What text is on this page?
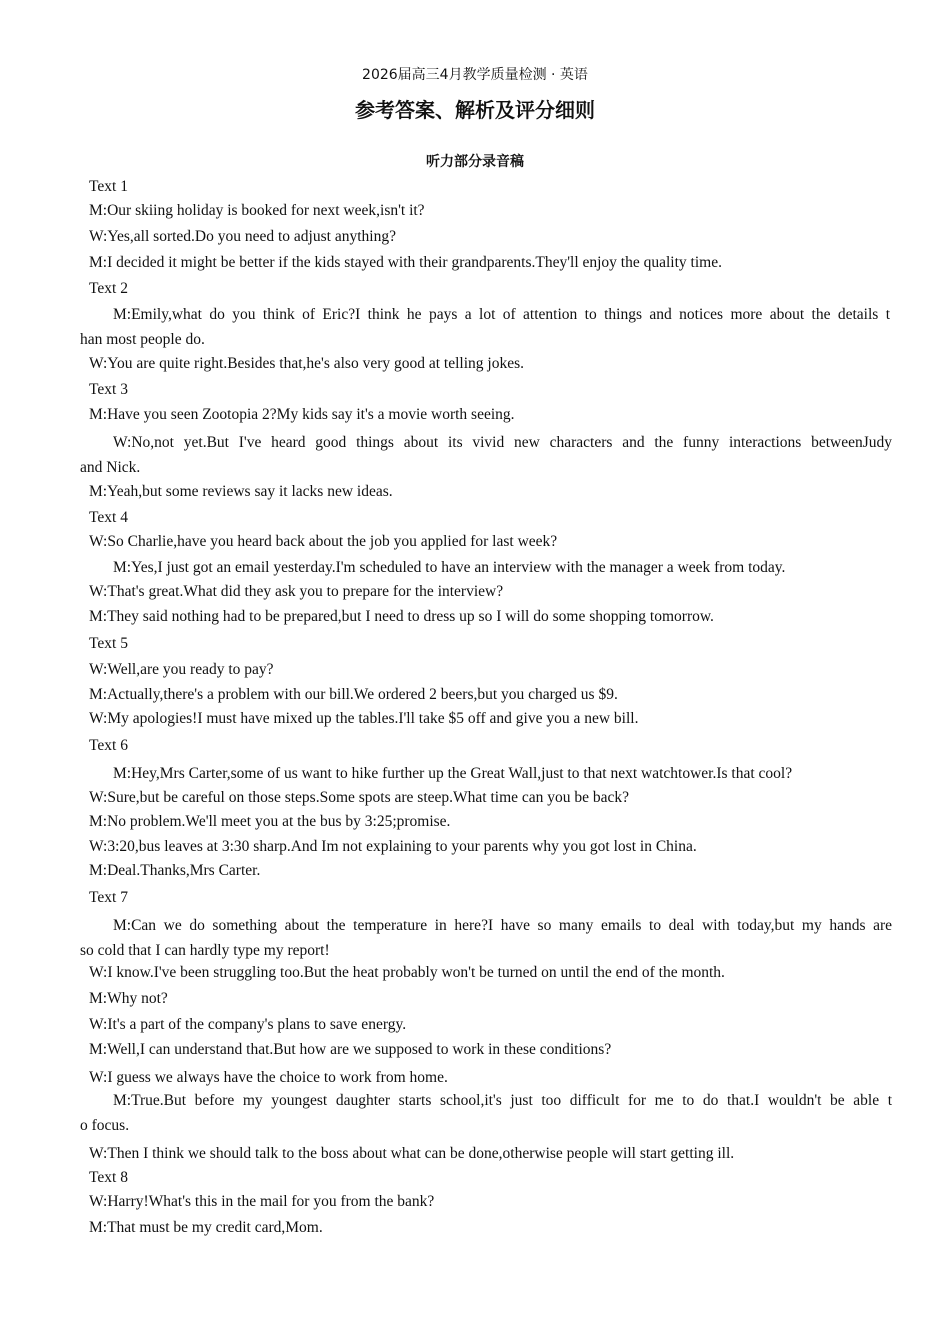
2026届高三4月教学质量检测 · 英语
参考答案、解析及评分细则
听力部分录音稿
Text 1
M:Our skiing holiday is booked for next week,isn't it?
W:Yes,all sorted.Do you need to adjust anything?
M:I decided it might be better if the kids stayed with their grandparents.They'll enjoy the quality time.
Text 2
M:Emily,what do you think of Eric?I think he pays a lot of attention to things and notices more about the details t
han most people do.
W:You are quite right.Besides that,he's also very good at telling jokes.
Text 3
M:Have you seen Zootopia 2?My kids say it's a movie worth seeing.
W:No,not yet.But I've heard good things about its vivid new characters and the funny interactions betweenJudy
and Nick.
M:Yeah,but some reviews say it lacks new ideas.
Text 4
W:So Charlie,have you heard back about the job you applied for last week?
M:Yes,I just got an email yesterday.I'm scheduled to have an interview with the manager a week from today.
W:That's great.What did they ask you to prepare for the interview?
M:They said nothing had to be prepared,but I need to dress up so I will do some shopping tomorrow.
Text 5
W:Well,are you ready to pay?
M:Actually,there's a problem with our bill.We ordered 2 beers,but you charged us $9.
W:My apologies!I must have mixed up the tables.I'll take $5 off and give you a new bill.
Text 6
M:Hey,Mrs Carter,some of us want to hike further up the Great Wall,just to that next watchtower.Is that cool?
W:Sure,but be careful on those steps.Some spots are steep.What time can you be back?
M:No problem.We'll meet you at the bus by 3:25;promise.
W:3:20,bus leaves at 3:30 sharp.And Im not explaining to your parents why you got lost in China.
M:Deal.Thanks,Mrs Carter.
Text 7
M:Can we do something about the temperature in here?I have so many emails to deal with today,but my hands are
so cold that I can hardly type my report!
W:I know.I've been struggling too.But the heat probably won't be turned on until the end of the month.
M:Why not?
W:It's a part of the company's plans to save energy.
M:Well,I can understand that.But how are we supposed to work in these conditions?
W:I guess we always have the choice to work from home.
M:True.But before my youngest daughter starts school,it's just too difficult for me to do that.I wouldn't be able t
o focus.
W:Then I think we should talk to the boss about what can be done,otherwise people will start getting ill.
Text 8
W:Harry!What's this in the mail for you from the bank?
M:That must be my credit card,Mom.
